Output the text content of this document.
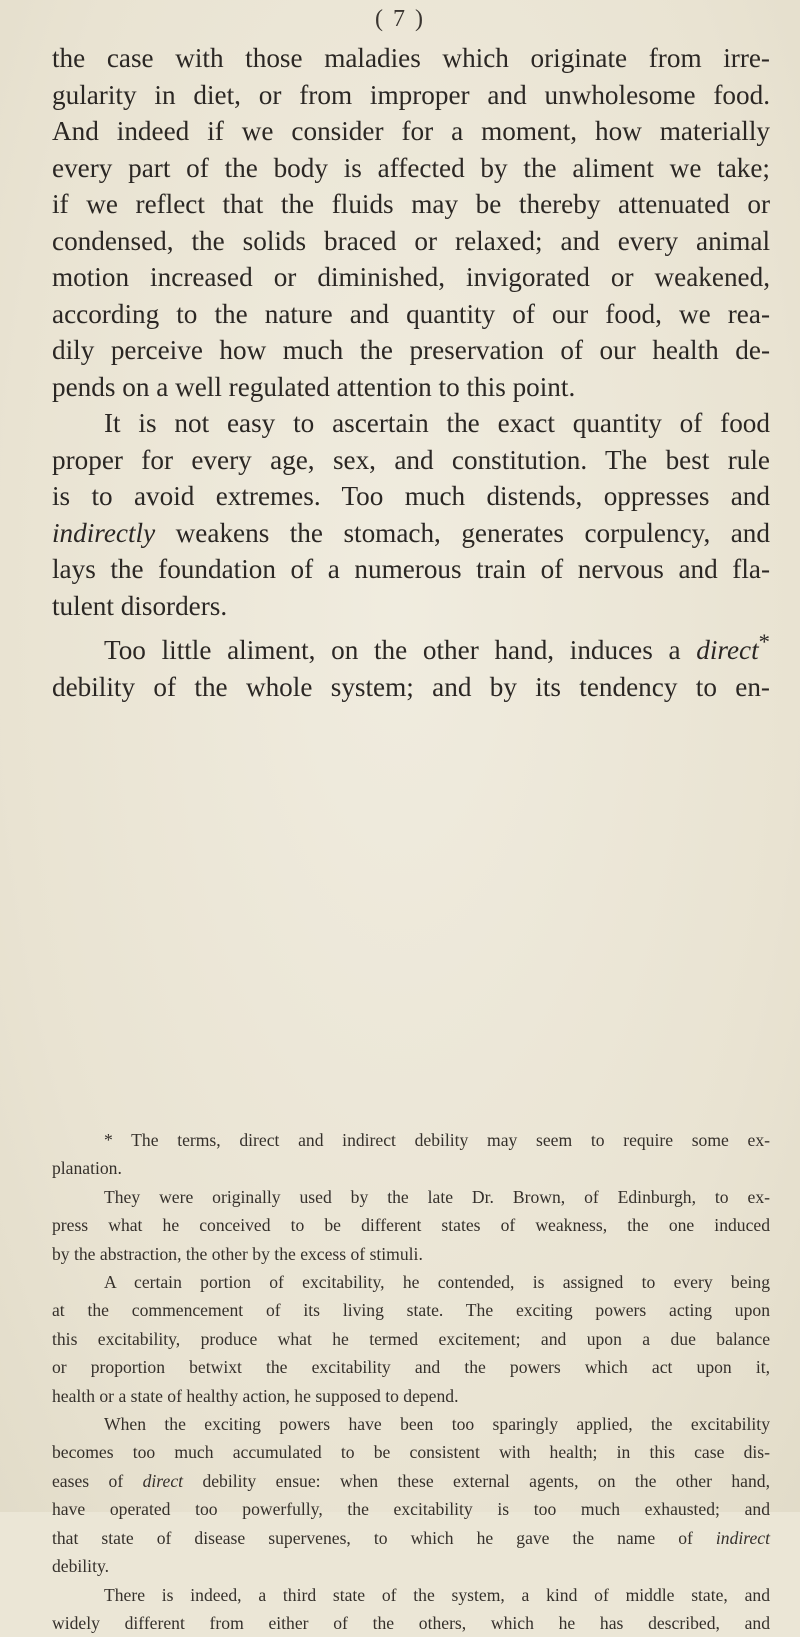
( 7 )

the case with those maladies which originate from irre-

gularity in diet, or from improper and unwholesome food.

And indeed if we consider for a moment, how materially

every part of the body is affected by the aliment we take;

if we reflect that the fluids may be thereby attenuated or

condensed, the solids braced or relaxed; and every animal

motion increased or diminished, invigorated or weakened,

according to the nature and quantity of our food, we rea-

dily perceive how much the preservation of our health de-

pends on a well regulated attention to this point.

It is not easy to ascertain the exact quantity of food

proper for every age, sex, and constitution. The best rule

is to avoid extremes. Too much distends, oppresses and

indirectly weakens the stomach, generates corpulency, and

lays the foundation of a numerous train of nervous and fla-

tulent disorders.

Too little aliment, on the other hand, induces a direct*

debility of the whole system; and by its tendency to en-

* The terms, direct and indirect debility may seem to require some ex-

planation.

They were originally used by the late Dr. Brown, of Edinburgh, to ex-

press what he conceived to be different states of weakness, the one induced

by the abstraction, the other by the excess of stimuli.

A certain portion of excitability, he contended, is assigned to every being

at the commencement of its living state. The exciting powers acting upon

this excitability, produce what he termed excitement; and upon a due balance

or proportion betwixt the excitability and the powers which act upon it,

health or a state of healthy action, he supposed to depend.

When the exciting powers have been too sparingly applied, the excitability

becomes too much accumulated to be consistent with health; in this case dis-

eases of direct debility ensue: when these external agents, on the other hand,

have operated too powerfully, the excitability is too much exhausted; and

that state of disease supervenes, to which he gave the name of indirect

debility.

There is indeed, a third state of the system, a kind of middle state, and

widely different from either of the others, which he has described, and
